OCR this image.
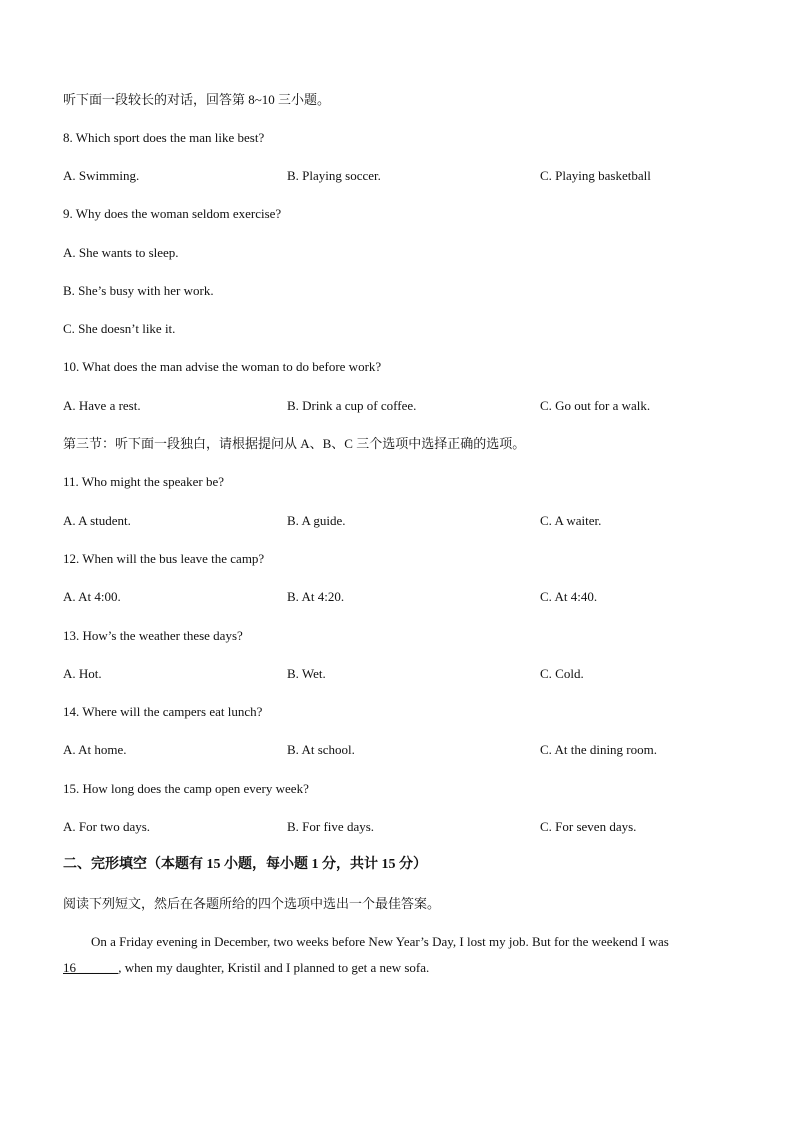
听下面一段较长的对话，回答第 8~10 三小题。
8. Which sport does the man like best?
A. Swimming.	B. Playing soccer.	C. Playing basketball
9. Why does the woman seldom exercise?
A. She wants to sleep.
B. She’s busy with her work.
C. She doesn’t like it.
10. What does the man advise the woman to do before work?
A. Have a rest.	B. Drink a cup of coffee.	C. Go out for a walk.
第三节：听下面一段独白，请根据提问从 A、B、C 三个选项中选择正确的选项。
11. Who might the speaker be?
A. A student.	B. A guide.	C. A waiter.
12. When will the bus leave the camp?
A. At 4:00.	B. At 4:20.	C. At 4:40.
13. How’s the weather these days?
A. Hot.	B. Wet.	C. Cold.
14. Where will the campers eat lunch?
A. At home.	B. At school.	C. At the dining room.
15. How long does the camp open every week?
A. For two days.	B. For five days.	C. For seven days.
二、完形填空（本题有 15 小题，每小题 1 分，共计 15 分）
阅读下列短文，然后在各题所给的四个选项中选出一个最佳答案。
On a Friday evening in December, two weeks before New Year’s Day, I lost my job. But for the weekend I was
16 ______, when my daughter, Kristil and I planned to get a new sofa.
